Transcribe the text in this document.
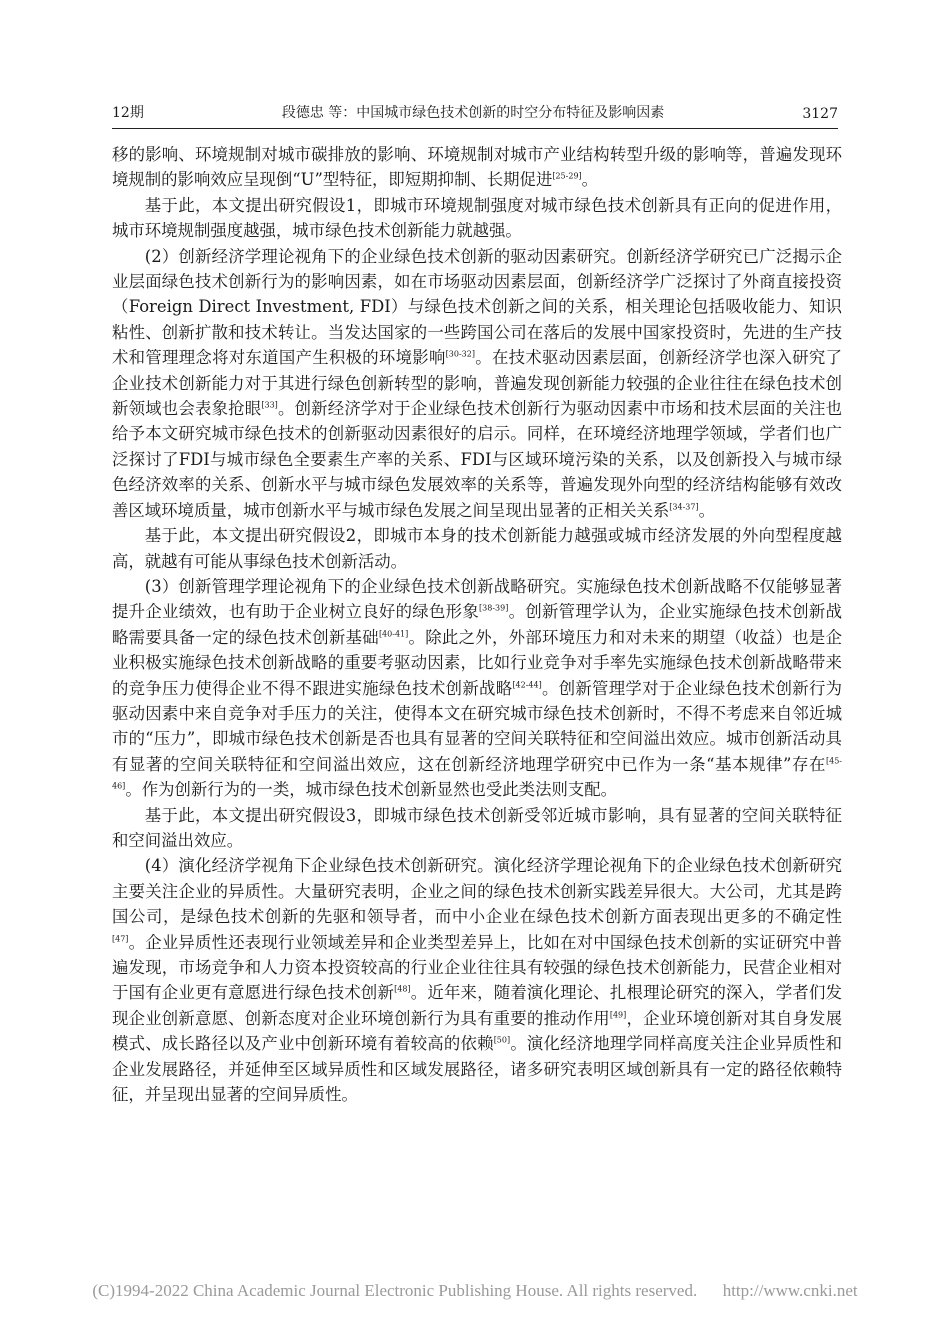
12期	段德忠 等：中国城市绿色技术创新的时空分布特征及影响因素	3127

移的影响、环境规制对城市碳排放的影响、环境规制对城市产业结构转型升级的影响等，普遍发现环境规制的影响效应呈现倒“U”型特征，即短期抑制、长期促进[25-29]。

基于此，本文提出研究假设1，即城市环境规制强度对城市绿色技术创新具有正向的促进作用，城市环境规制强度越强，城市绿色技术创新能力就越强。

(2）创新经济学理论视角下的企业绿色技术创新的驱动因素研究。创新经济学研究已广泛揭示企业层面绿色技术创新行为的影响因素，如在市场驱动因素层面，创新经济学广泛探讨了外商直接投资（Foreign Direct Investment, FDI）与绿色技术创新之间的关系，相关理论包括吸收能力、知识粘性、创新扩散和技术转让。当发达国家的一些跨国公司在落后的发展中国家投资时，先进的生产技术和管理理念将对东道国产生积极的环境影响[30-32]。在技术驱动因素层面，创新经济学也深入研究了企业技术创新能力对于其进行绿色创新转型的影响，普遍发现创新能力较强的企业往往在绿色技术创新领域也会表象抢眼[33]。创新经济学对于企业绿色技术创新行为驱动因素中市场和技术层面的关注也给予本文研究城市绿色技术的创新驱动因素很好的启示。同样，在环境经济地理学领域，学者们也广泛探讨了FDI与城市绿色全要素生产率的关系、FDI与区域环境污染的关系，以及创新投入与城市绿色经济效率的关系、创新水平与城市绿色发展效率的关系等，普遍发现外向型的经济结构能够有效改善区域环境质量，城市创新水平与城市绿色发展之间呈现出显著的正相关关系[34-37]。

基于此，本文提出研究假设2，即城市本身的技术创新能力越强或城市经济发展的外向型程度越高，就越有可能从事绿色技术创新活动。

(3）创新管理学理论视角下的企业绿色技术创新战略研究。实施绿色技术创新战略不仅能够显著提升企业绩效，也有助于企业树立良好的绿色形象[38-39]。创新管理学认为，企业实施绿色技术创新战略需要具备一定的绿色技术创新基础[40-41]。除此之外，外部环境压力和对未来的期望（收益）也是企业积极实施绿色技术创新战略的重要考驱动因素，比如行业竞争对手率先实施绿色技术创新战略带来的竞争压力使得企业不得不跟进实施绿色技术创新战略[42-44]。创新管理学对于企业绿色技术创新行为驱动因素中来自竞争对手压力的关注，使得本文在研究城市绿色技术创新时，不得不考虑来自邻近城市的“压力”，即城市绿色技术创新是否也具有显著的空间关联特征和空间溢出效应。城市创新活动具有显著的空间关联特征和空间溢出效应，这在创新经济地理学研究中已作为一条“基本规律”存在[45-46]。作为创新行为的一类，城市绿色技术创新显然也受此类法则支配。

基于此，本文提出研究假设3，即城市绿色技术创新受邻近城市影响，具有显著的空间关联特征和空间溢出效应。

(4）演化经济学视角下企业绿色技术创新研究。演化经济学理论视角下的企业绿色技术创新研究主要关注企业的异质性。大量研究表明，企业之间的绿色技术创新实践差异很大。大公司，尤其是跨国公司，是绿色技术创新的先驱和领导者，而中小企业在绿色技术创新方面表现出更多的不确定性[47]。企业异质性还表现行业领域差异和企业类型差异上，比如在对中国绿色技术创新的实证研究中普遍发现，市场竞争和人力资本投资较高的行业企业往往具有较强的绿色技术创新能力，民营企业相对于国有企业更有意愿进行绿色技术创新[48]。近年来，随着演化理论、扎根理论研究的深入，学者们发现企业创新意愿、创新态度对企业环境创新行为具有重要的推动作用[49]，企业环境创新对其自身发展模式、成长路径以及产业中创新环境有着较高的依赖[50]。演化经济地理学同样高度关注企业异质性和企业发展路径，并延伸至区域异质性和区域发展路径，诸多研究表明区域创新具有一定的路径依赖特征，并呈现出显著的空间异质性。

(C)1994-2022 China Academic Journal Electronic Publishing House. All rights reserved. http://www.cnki.net
